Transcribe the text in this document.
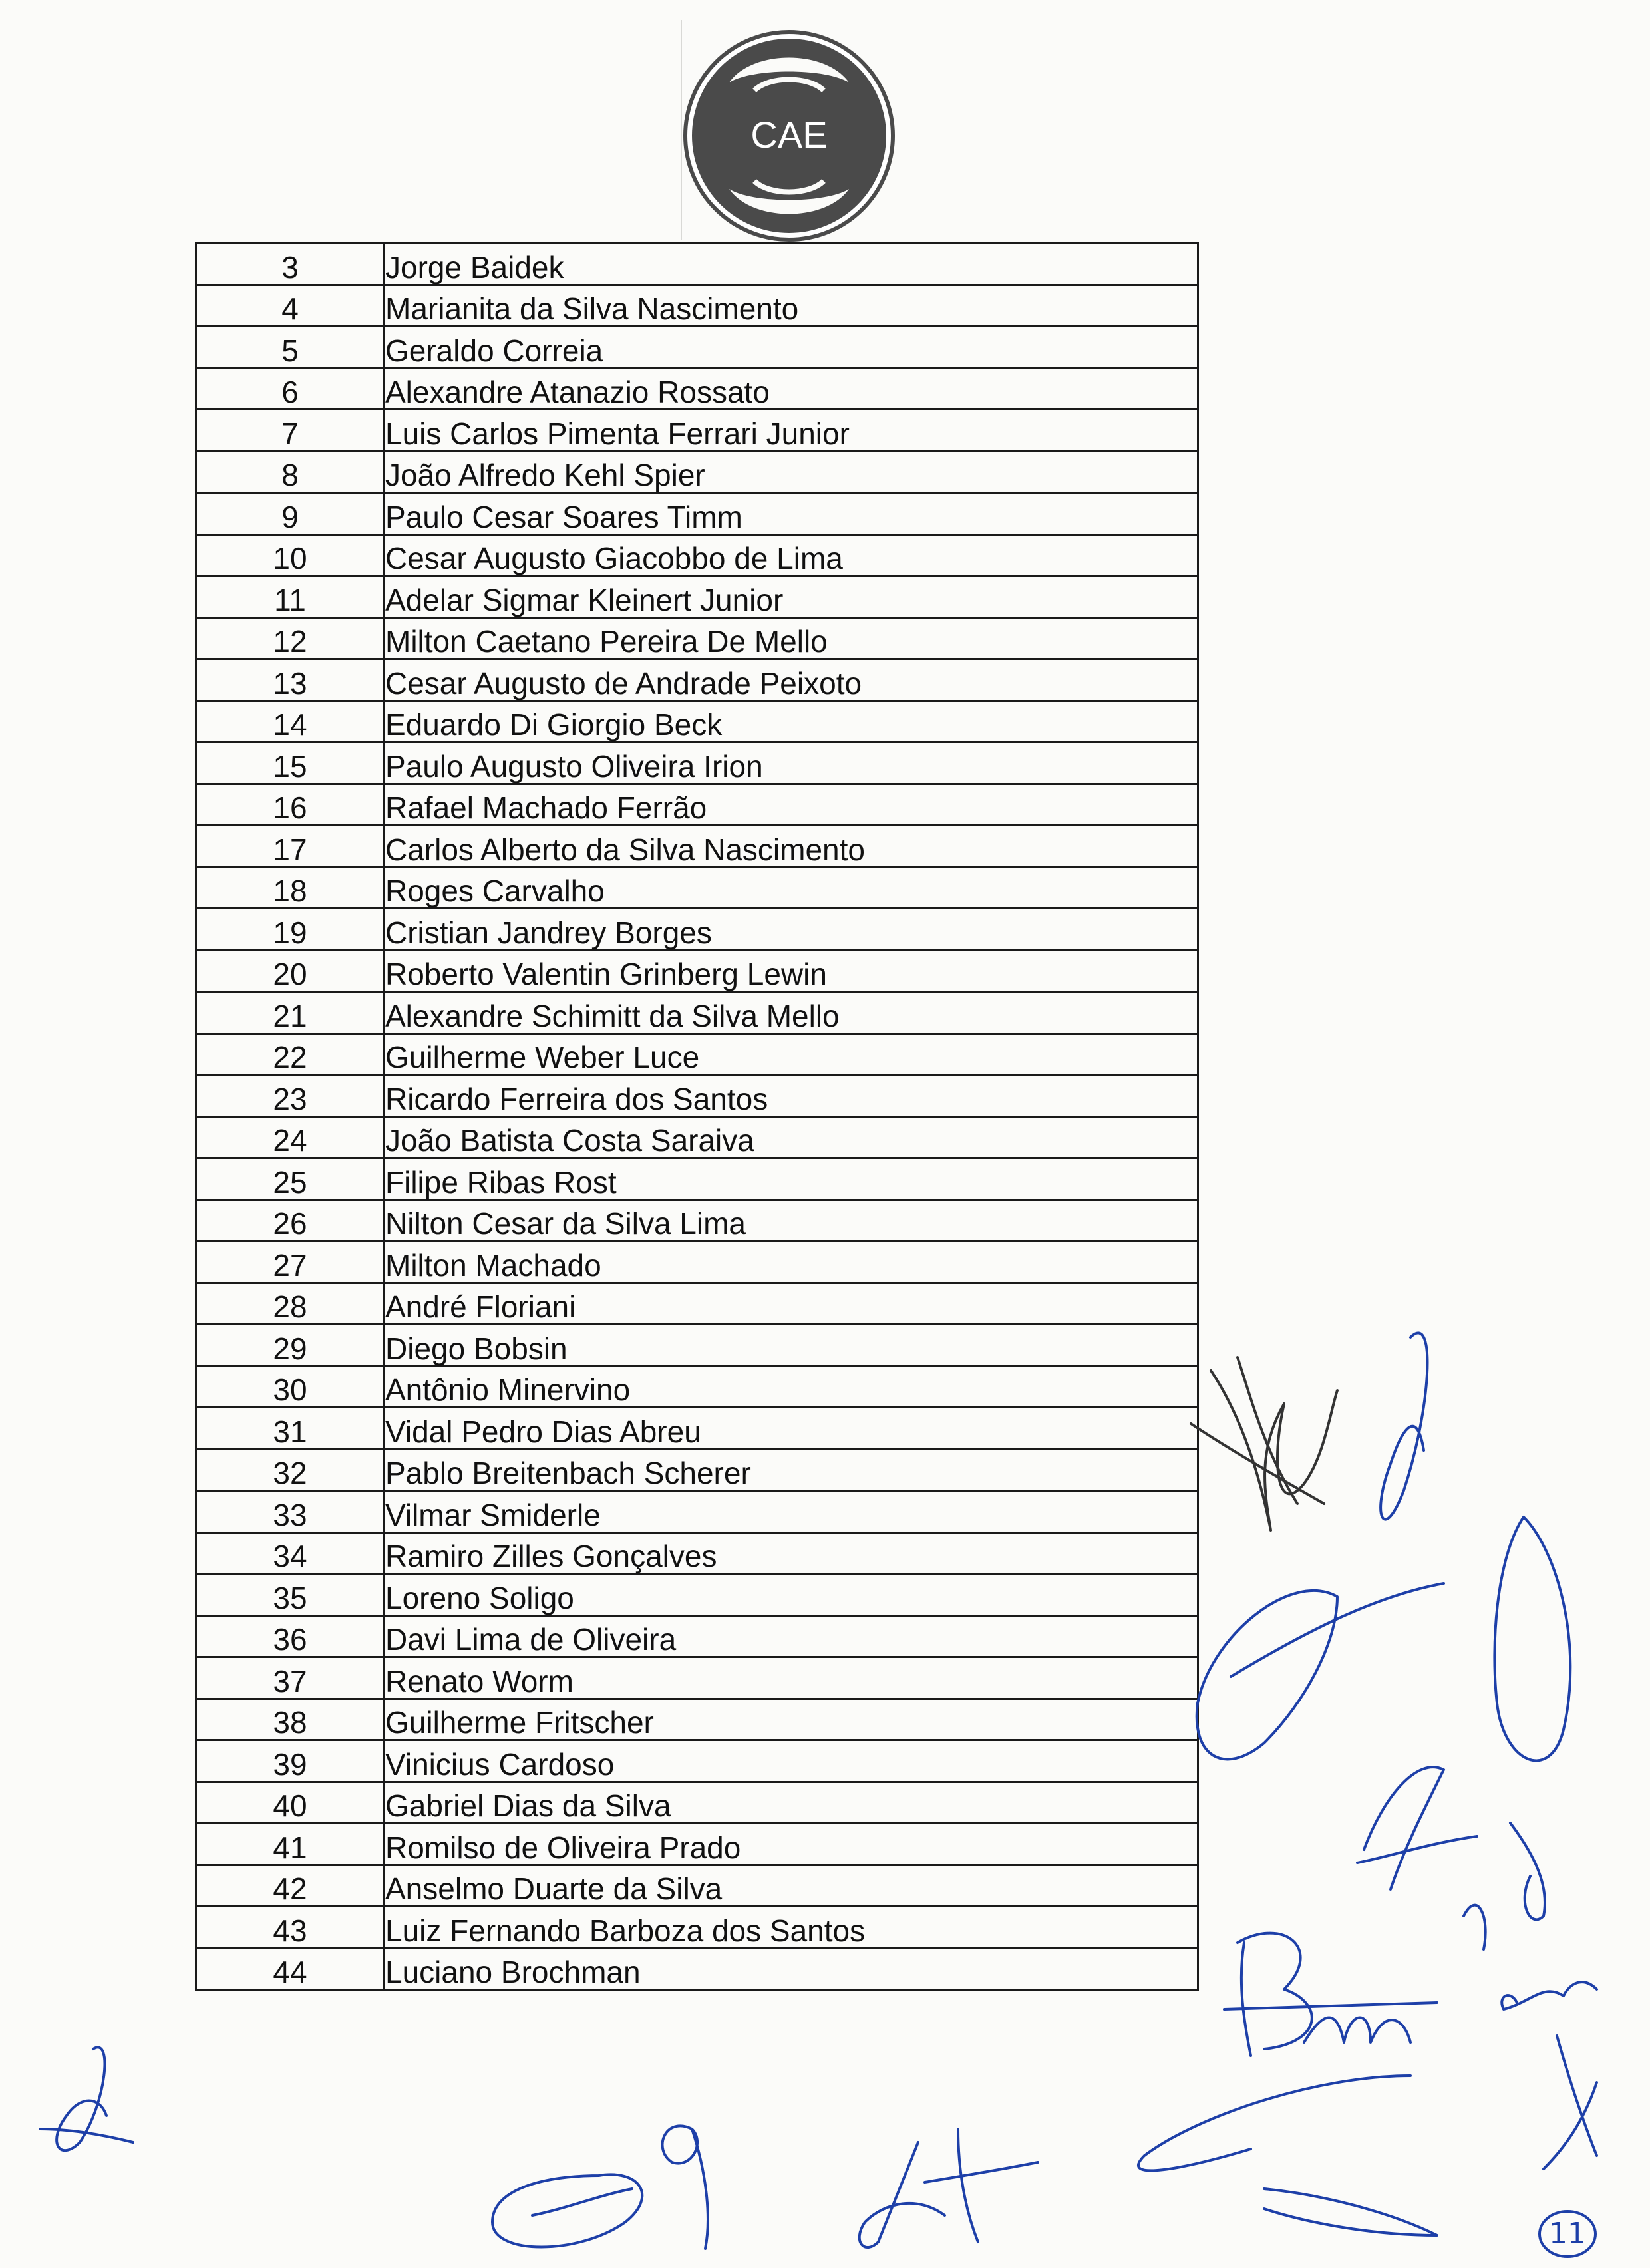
CAE
3	Jorge Baidek
4	Marianita da Silva Nascimento
5	Geraldo Correia
6	Alexandre Atanazio Rossato
7	Luis Carlos Pimenta Ferrari Junior
8	João Alfredo Kehl Spier
9	Paulo Cesar Soares Timm
10	Cesar Augusto Giacobbo de Lima
11	Adelar Sigmar Kleinert Junior
12	Milton Caetano Pereira De Mello
13	Cesar Augusto de Andrade Peixoto
14	Eduardo Di Giorgio Beck
15	Paulo Augusto Oliveira Irion
16	Rafael Machado Ferrão
17	Carlos Alberto da Silva Nascimento
18	Roges Carvalho
19	Cristian Jandrey Borges
20	Roberto Valentin Grinberg Lewin
21	Alexandre Schimitt da Silva Mello
22	Guilherme Weber Luce
23	Ricardo Ferreira dos Santos
24	João Batista Costa Saraiva
25	Filipe Ribas Rost
26	Nilton Cesar da Silva Lima
27	Milton Machado
28	André Floriani
29	Diego Bobsin
30	Antônio Minervino
31	Vidal Pedro Dias Abreu
32	Pablo Breitenbach Scherer
33	Vilmar Smiderle
34	Ramiro Zilles Gonçalves
35	Loreno Soligo
36	Davi Lima de Oliveira
37	Renato Worm
38	Guilherme Fritscher
39	Vinicius Cardoso
40	Gabriel Dias da Silva
41	Romilso de Oliveira Prado
42	Anselmo Duarte da Silva
43	Luiz Fernando Barboza dos Santos
44	Luciano Brochman
11
